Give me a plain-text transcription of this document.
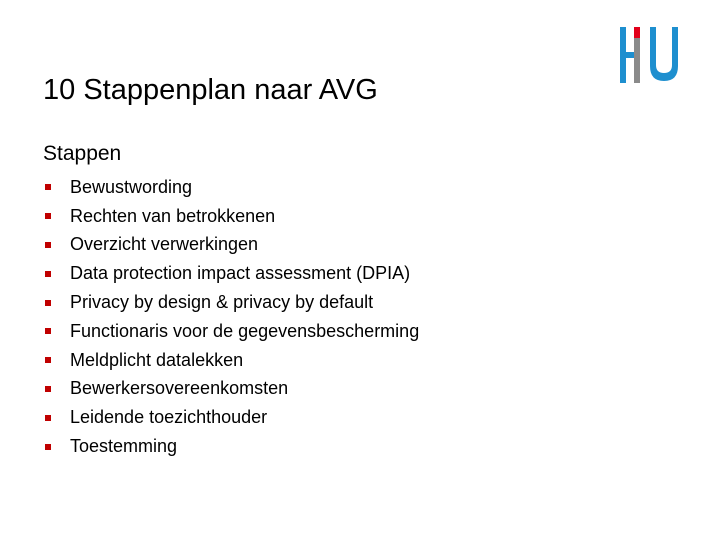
10 Stappenplan naar AVG
Stappen
Bewustwording
Rechten van betrokkenen
Overzicht verwerkingen
Data protection impact assessment (DPIA)
Privacy by design & privacy by default
Functionaris voor de gegevensbescherming
Meldplicht datalekken
Bewerkersovereenkomsten
Leidende toezichthouder
Toestemming
